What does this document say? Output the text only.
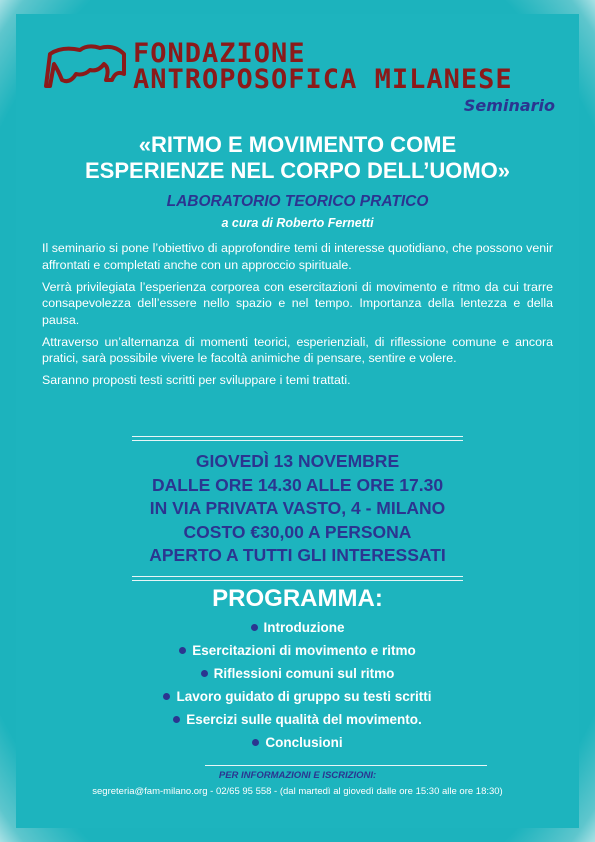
FONDAZIONE
ANTROPOSOFICA MILANESE
Seminario
«RITMO E MOVIMENTO COME
ESPERIENZE NEL CORPO DELL’UOMO»
LABORATORIO TEORICO PRATICO
a cura di Roberto Fernetti

Il seminario si pone l’obiettivo di approfondire temi di interesse quotidiano, che possono venir affrontati e completati anche con un approccio spirituale.

Verrà privilegiata l’esperienza corporea con esercitazioni di movimento e ritmo da cui trarre consapevolezza dell’essere nello spazio e nel tempo. Importanza della lentezza e della pausa.

Attraverso un’alternanza di momenti teorici, esperienziali, di riflessione comune e ancora pratici, sarà possibile vivere le facoltà animiche di pensare, sentire e volere.

Saranno proposti testi scritti per sviluppare i temi trattati.

GIOVEDÌ 13 NOVEMBRE
DALLE ORE 14.30 ALLE ORE 17.30
IN VIA PRIVATA VASTO, 4 - MILANO
COSTO €30,00 A PERSONA
APERTO A TUTTI GLI INTERESSATI
PROGRAMMA:
Introduzione
Esercitazioni di movimento e ritmo
Riflessioni comuni sul ritmo
Lavoro guidato di gruppo su testi scritti
Esercizi sulle qualità del movimento.
Conclusioni
PER INFORMAZIONI E ISCRIZIONI:
segreteria@fam-milano.org - 02/65 95 558 - (dal martedì al giovedì dalle ore 15:30 alle ore 18:30)
